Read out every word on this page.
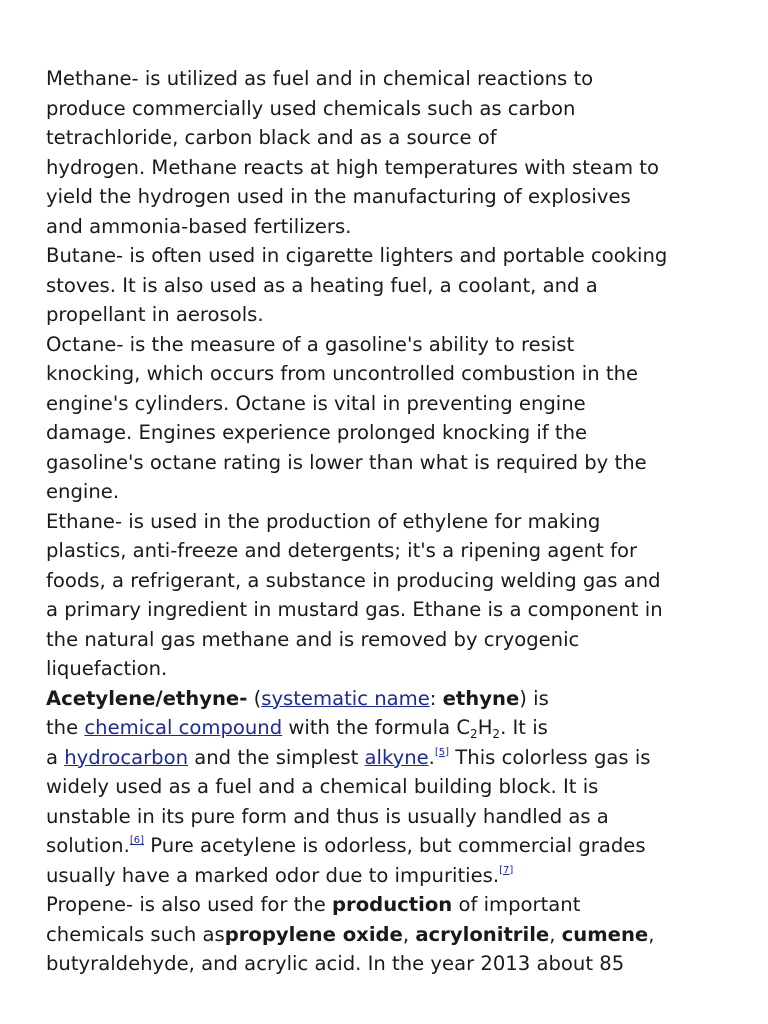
Methane- is utilized as fuel and in chemical reactions to

produce commercially used chemicals such as carbon

tetrachloride, carbon black and as a source of

hydrogen. Methane reacts at high temperatures with steam to

yield the hydrogen used in the manufacturing of explosives

and ammonia-based fertilizers.

Butane- is often used in cigarette lighters and portable cooking

stoves. It is also used as a heating fuel, a coolant, and a

propellant in aerosols.

Octane- is the measure of a gasoline's ability to resist

knocking, which occurs from uncontrolled combustion in the

engine's cylinders. Octane is vital in preventing engine

damage. Engines experience prolonged knocking if the

gasoline's octane rating is lower than what is required by the

engine.

Ethane- is used in the production of ethylene for making

plastics, anti-freeze and detergents; it's a ripening agent for

foods, a refrigerant, a substance in producing welding gas and

a primary ingredient in mustard gas. Ethane is a component in

the natural gas methane and is removed by cryogenic

liquefaction.

Acetylene/ethyne- (systematic name: ethyne) is

the chemical compound with the formula $C_2H_2$. It is

a hydrocarbon and the simplest alkyne.[5] This colorless gas is

widely used as a fuel and a chemical building block. It is

unstable in its pure form and thus is usually handled as a

solution.[6] Pure acetylene is odorless, but commercial grades

usually have a marked odor due to impurities.[7]

Propene- is also used for the production of important

chemicals such aspropylene oxide, acrylonitrile, cumene,

butyraldehyde, and acrylic acid. In the year 2013 about 85
